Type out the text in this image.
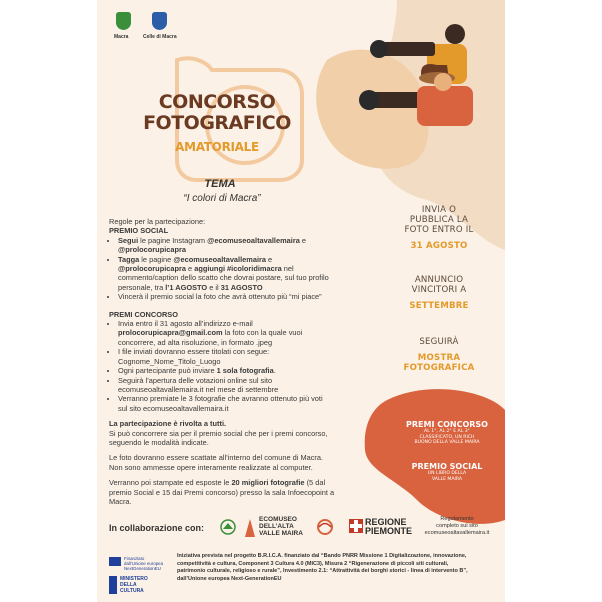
Macra	Celle di Macra
CONCORSO
FOTOGRAFICO
AMATORIALE
TEMA
“I colori di Macra”
Regole per la partecipazione:
PREMIO SOCIAL
• Segui le pagine Instagram @ecomuseoaltavallemaira e
@prolocorupicapra
• Tagga le pagine @ecomuseoaltavallemaira e
@prolocorupicapra e aggiungi #icoloridimacra nel
commento/caption dello scatto che dovrai postare, sul tuo profilo
personale, tra l’1 AGOSTO e il 31 AGOSTO
• Vincerà il premio social la foto che avrà ottenuto più “mi piace”
PREMI CONCORSO
• Invia entro il 31 agosto all’indirizzo e-mail
prolocorupicapra@gmail.com la foto con la quale vuoi
concorrere, ad alta risoluzione, in formato .jpeg
• I file inviati dovranno essere titolati con segue:
Cognome_Nome_Titolo_Luogo
• Ogni partecipante può inviare 1 sola fotografia.
• Seguirà l’apertura delle votazioni online sul sito
ecomuseoaltavallemaira.it nel mese di settembre
• Verranno premiate le 3 fotografie che avranno ottenuto più voti
sul sito ecomuseoaltavallemaira.it
La partecipazione è rivolta a tutti.
Si può concorrere sia per il premio social che per i premi concorso,
seguendo le modalità indicate.
Le foto dovranno essere scattate all’interno del comune di Macra.
Non sono ammesse opere interamente realizzate al computer.
Verranno poi stampate ed esposte le 20 migliori fotografie (5 dal
premio Social e 15 dai Premi concorso) presso la sala Infoecopoint a
Macra.
INVIA O
PUBBLICA LA
FOTO ENTRO IL
31 AGOSTO
ANNUNCIO
VINCITORI A
SETTEMBRE
SEGUIRÀ
MOSTRA
FOTOGRAFICA
PREMI CONCORSO
AL 1°, AL 2° E AL 3°
CLASSIFICATO, UN RICH
BUONO DELLA VALLE MAIRA
PREMIO SOCIAL
UN LIBRO DELLA
VALLE MAIRA
In collaborazione con:
ECOMUSEO
DELL’ALTA
VALLE MAIRA
REGIONE
PIEMONTE
Regolamento
completo sul sito
ecomuseoaltavallemaira.it
Finanziato
dall’Unione europea
NextGenerationEU
MINISTERO
DELLA
CULTURA
Iniziativa prevista nel progetto B.R.I.C.A. finanziato dal “Bando PNRR Missione 1 Digitalizzazione, innovazione,
competitività e cultura, Component 3 Cultura 4.0 (MIC3), Misura 2 “Rigenerazione di piccoli siti culturali,
patrimonio culturale, religioso e rurale”, Investimento 2.1: “Attrattività dei borghi storici - linea di intervento B”,
dall’Unione europea Next-GenerationEU
